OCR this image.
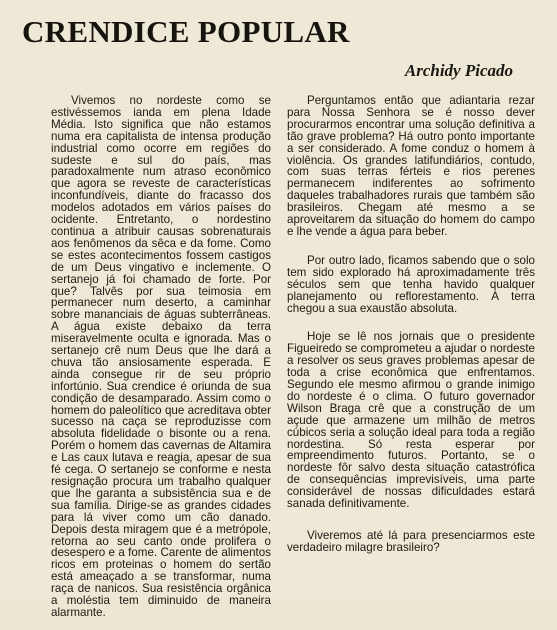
CRENDICE POPULAR

Archidy Picado

Vivemos no nordeste como se estivéssemos ianda em plena Idade Média. Isto significa que não estamos numa era capitalista de intensa produção industrial como ocorre em regiões do sudeste e sul do país, mas paradoxalmente num atraso econômico que agora se reveste de características inconfundíveis, diante do fracasso dos modelos adotados em vários países do ocidente. Entretanto, o nordestino continua a atribuir causas sobrenaturais aos fenômenos da sêca e da fome. Como se estes acontecimentos fossem castigos de um Deus vingativo e inclemente. O sertanejo já foi chamado de forte. Por que? Talvês por sua teimosia em permanecer num deserto, a caminhar sobre mananciais de águas subterrâneas. A água existe debaixo da terra miseravelmente oculta e ignorada. Mas o sertanejo crê num Deus que lhe dará a chuva tão ansiosamente esperada. E ainda consegue rir de seu próprio infortúnio. Sua crendice é oriunda de sua condição de desamparado. Assim como o homem do paleolítico que acreditava obter sucesso na caça se reproduzisse com absoluta fidelidade o bisonte ou a rena. Porém o homem das cavernas de Altamira e Las caux lutava e reagia, apesar de sua fé cega. O sertanejo se conforme e nesta resignação procura um trabalho qualquer que lhe garanta a subsistência sua e de sua família. Dirige-se as grandes cidades para lá viver como um cão danado. Depois desta miragem que é a metrópole, retorna ao seu canto onde prolifera o desespero e a fome. Carente de alimentos ricos em proteinas o homem do sertão está ameaçado a se transformar, numa raça de nanicos. Sua resistência orgânica a moléstia tem diminuido de maneira alarmante.

Perguntamos então que adiantaria rezar para Nossa Senhora se é nosso dever procurarmos encontrar uma solução definitiva a tão grave problema? Há outro ponto importante a ser considerado. A fome conduz o homem à violência. Os grandes latifundiários, contudo, com suas terras férteis e rios perenes permanecem indiferentes ao sofrimento daqueles trabalhadores rurais que também são brasileiros. Chegam até mesmo a se aproveitarem da situação do homem do campo e lhe vende a água para beber.

Por outro lado, ficamos sabendo que o solo tem sido explorado há aproximadamente três séculos sem que tenha havido qualquer planejamento ou reflorestamento. A terra chegou a sua exaustão absoluta.

Hoje se lê nos jornais que o presidente Figueiredo se comprometeu a ajudar o nordeste a resolver os seus graves problemas apesar de toda a crise econômica que enfrentamos. Segundo ele mesmo afirmou o grande inimigo do nordeste é o clima. O futuro governador Wilson Braga crê que a construção de um açude que armazene um milhão de metros cúbicos seria a solução ideal para toda a região nordestina. Só resta esperar por empreendimento futuros. Portanto, se o nordeste fôr salvo desta situação catastrófica de consequências imprevisíveis, uma parte considerável de nossas dificuldades estará sanada definitivamente.

Viveremos até lá para presenciarmos este verdadeiro milagre brasileiro?
